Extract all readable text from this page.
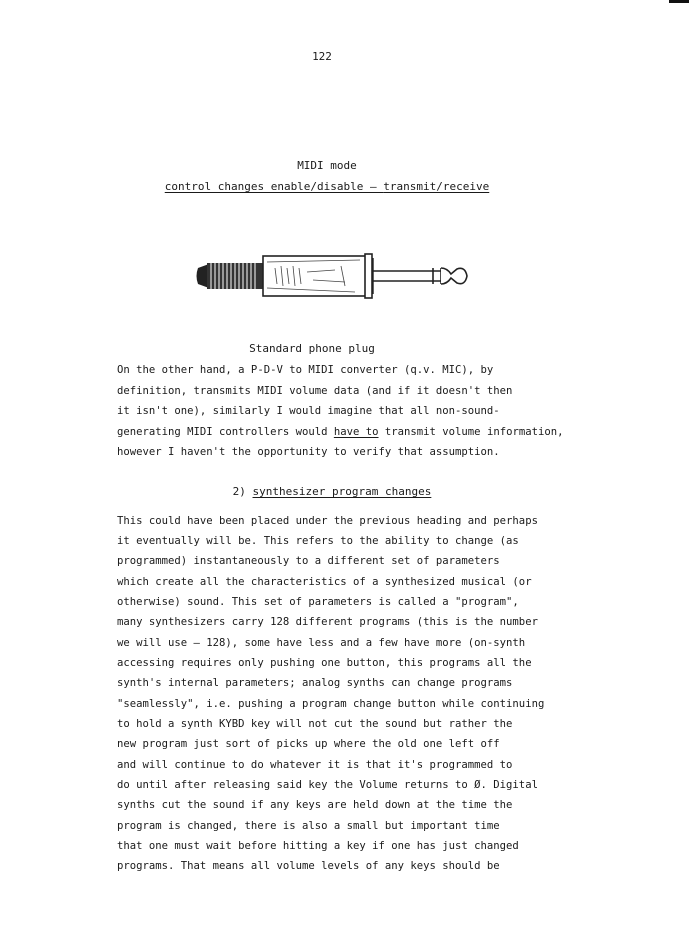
122
MIDI mode
control changes enable/disable – transmit/receive
Standard phone plug
On the other hand, a P-D-V to MIDI converter (q.v. MIC), by
definition, transmits MIDI volume data (and if it doesn't then
it isn't one), similarly I would imagine that all non-sound-
generating MIDI controllers would have to transmit volume information,
however I haven't the opportunity to verify that assumption.
2) synthesizer program changes
This could have been placed under the previous heading and perhaps
it eventually will be. This refers to the ability to change (as
programmed) instantaneously to a different set of parameters
which create all the characteristics of a synthesized musical (or
otherwise) sound. This set of parameters is called a "program",
many synthesizers carry 128 different programs (this is the number
we will use – 128), some have less and a few have more (on-synth
accessing requires only pushing one button, this programs all the
synth's internal parameters; analog synths can change programs
"seamlessly", i.e. pushing a program change button while continuing
to hold a synth KYBD key will not cut the sound but rather the
new program just sort of picks up where the old one left off
and will continue to do whatever it is that it's programmed to
do until after releasing said key the Volume returns to Ø. Digital
synths cut the sound if any keys are held down at the time the
program is changed, there is also a small but important time
that one must wait before hitting a key if one has just changed
programs. That means all volume levels of any keys should be
